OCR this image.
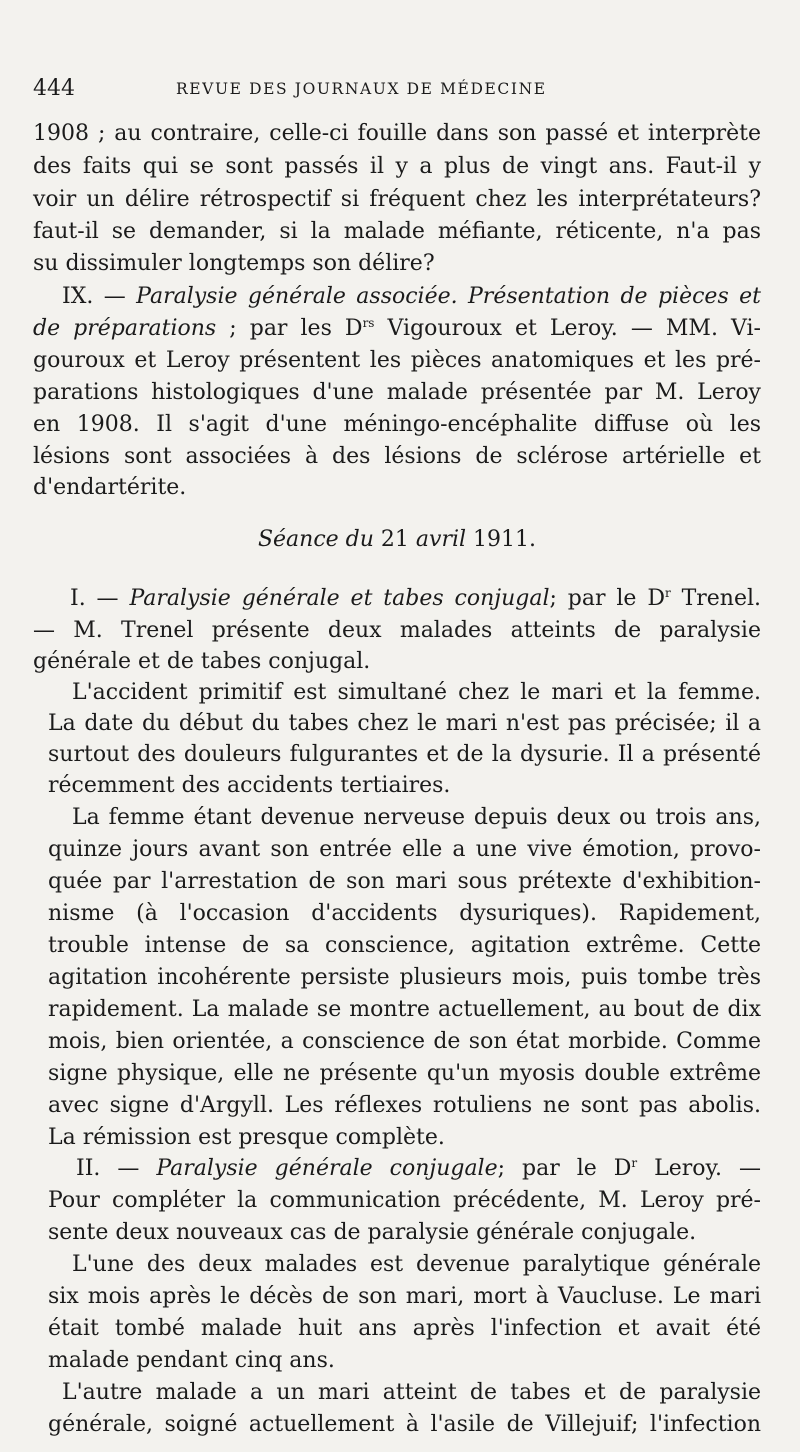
444	REVUE DES JOURNAUX DE MÉDECINE
1908 ; au contraire, celle-ci fouille dans son passé et interprète
des faits qui se sont passés il y a plus de vingt ans. Faut-il y
voir un délire rétrospectif si fréquent chez les interprétateurs?
faut-il se demander, si la malade méfiante, réticente, n'a pas
su dissimuler longtemps son délire?
IX. — Paralysie générale associée. Présentation de pièces et
de préparations ; par les $D^{rs}$ Vigouroux et Leroy. — MM. Vi-
gouroux et Leroy présentent les pièces anatomiques et les pré-
parations histologiques d'une malade présentée par M. Leroy
en 1908. Il s'agit d'une méningo-encéphalite diffuse où les
lésions sont associées à des lésions de sclérose artérielle et
d'endartérite.
Séance du 21 avril 1911.
I. — Paralysie générale et tabes conjugal; par le $D^r$ Trenel.
— M. Trenel présente deux malades atteints de paralysie
générale et de tabes conjugal.
L'accident primitif est simultané chez le mari et la femme.
La date du début du tabes chez le mari n'est pas précisée; il a
surtout des douleurs fulgurantes et de la dysurie. Il a présenté
récemment des accidents tertiaires.
La femme étant devenue nerveuse depuis deux ou trois ans,
quinze jours avant son entrée elle a une vive émotion, provo-
quée par l'arrestation de son mari sous prétexte d'exhibition-
nisme (à l'occasion d'accidents dysuriques). Rapidement,
trouble intense de sa conscience, agitation extrême. Cette
agitation incohérente persiste plusieurs mois, puis tombe très
rapidement. La malade se montre actuellement, au bout de dix
mois, bien orientée, a conscience de son état morbide. Comme
signe physique, elle ne présente qu'un myosis double extrême
avec signe d'Argyll. Les réflexes rotuliens ne sont pas abolis.
La rémission est presque complète.
II. — Paralysie générale conjugale; par le $D^r$ Leroy. —
Pour compléter la communication précédente, M. Leroy pré-
sente deux nouveaux cas de paralysie générale conjugale.
L'une des deux malades est devenue paralytique générale
six mois après le décès de son mari, mort à Vaucluse. Le mari
était tombé malade huit ans après l'infection et avait été
malade pendant cinq ans.
L'autre malade a un mari atteint de tabes et de paralysie
générale, soigné actuellement à l'asile de Villejuif; l'infection
